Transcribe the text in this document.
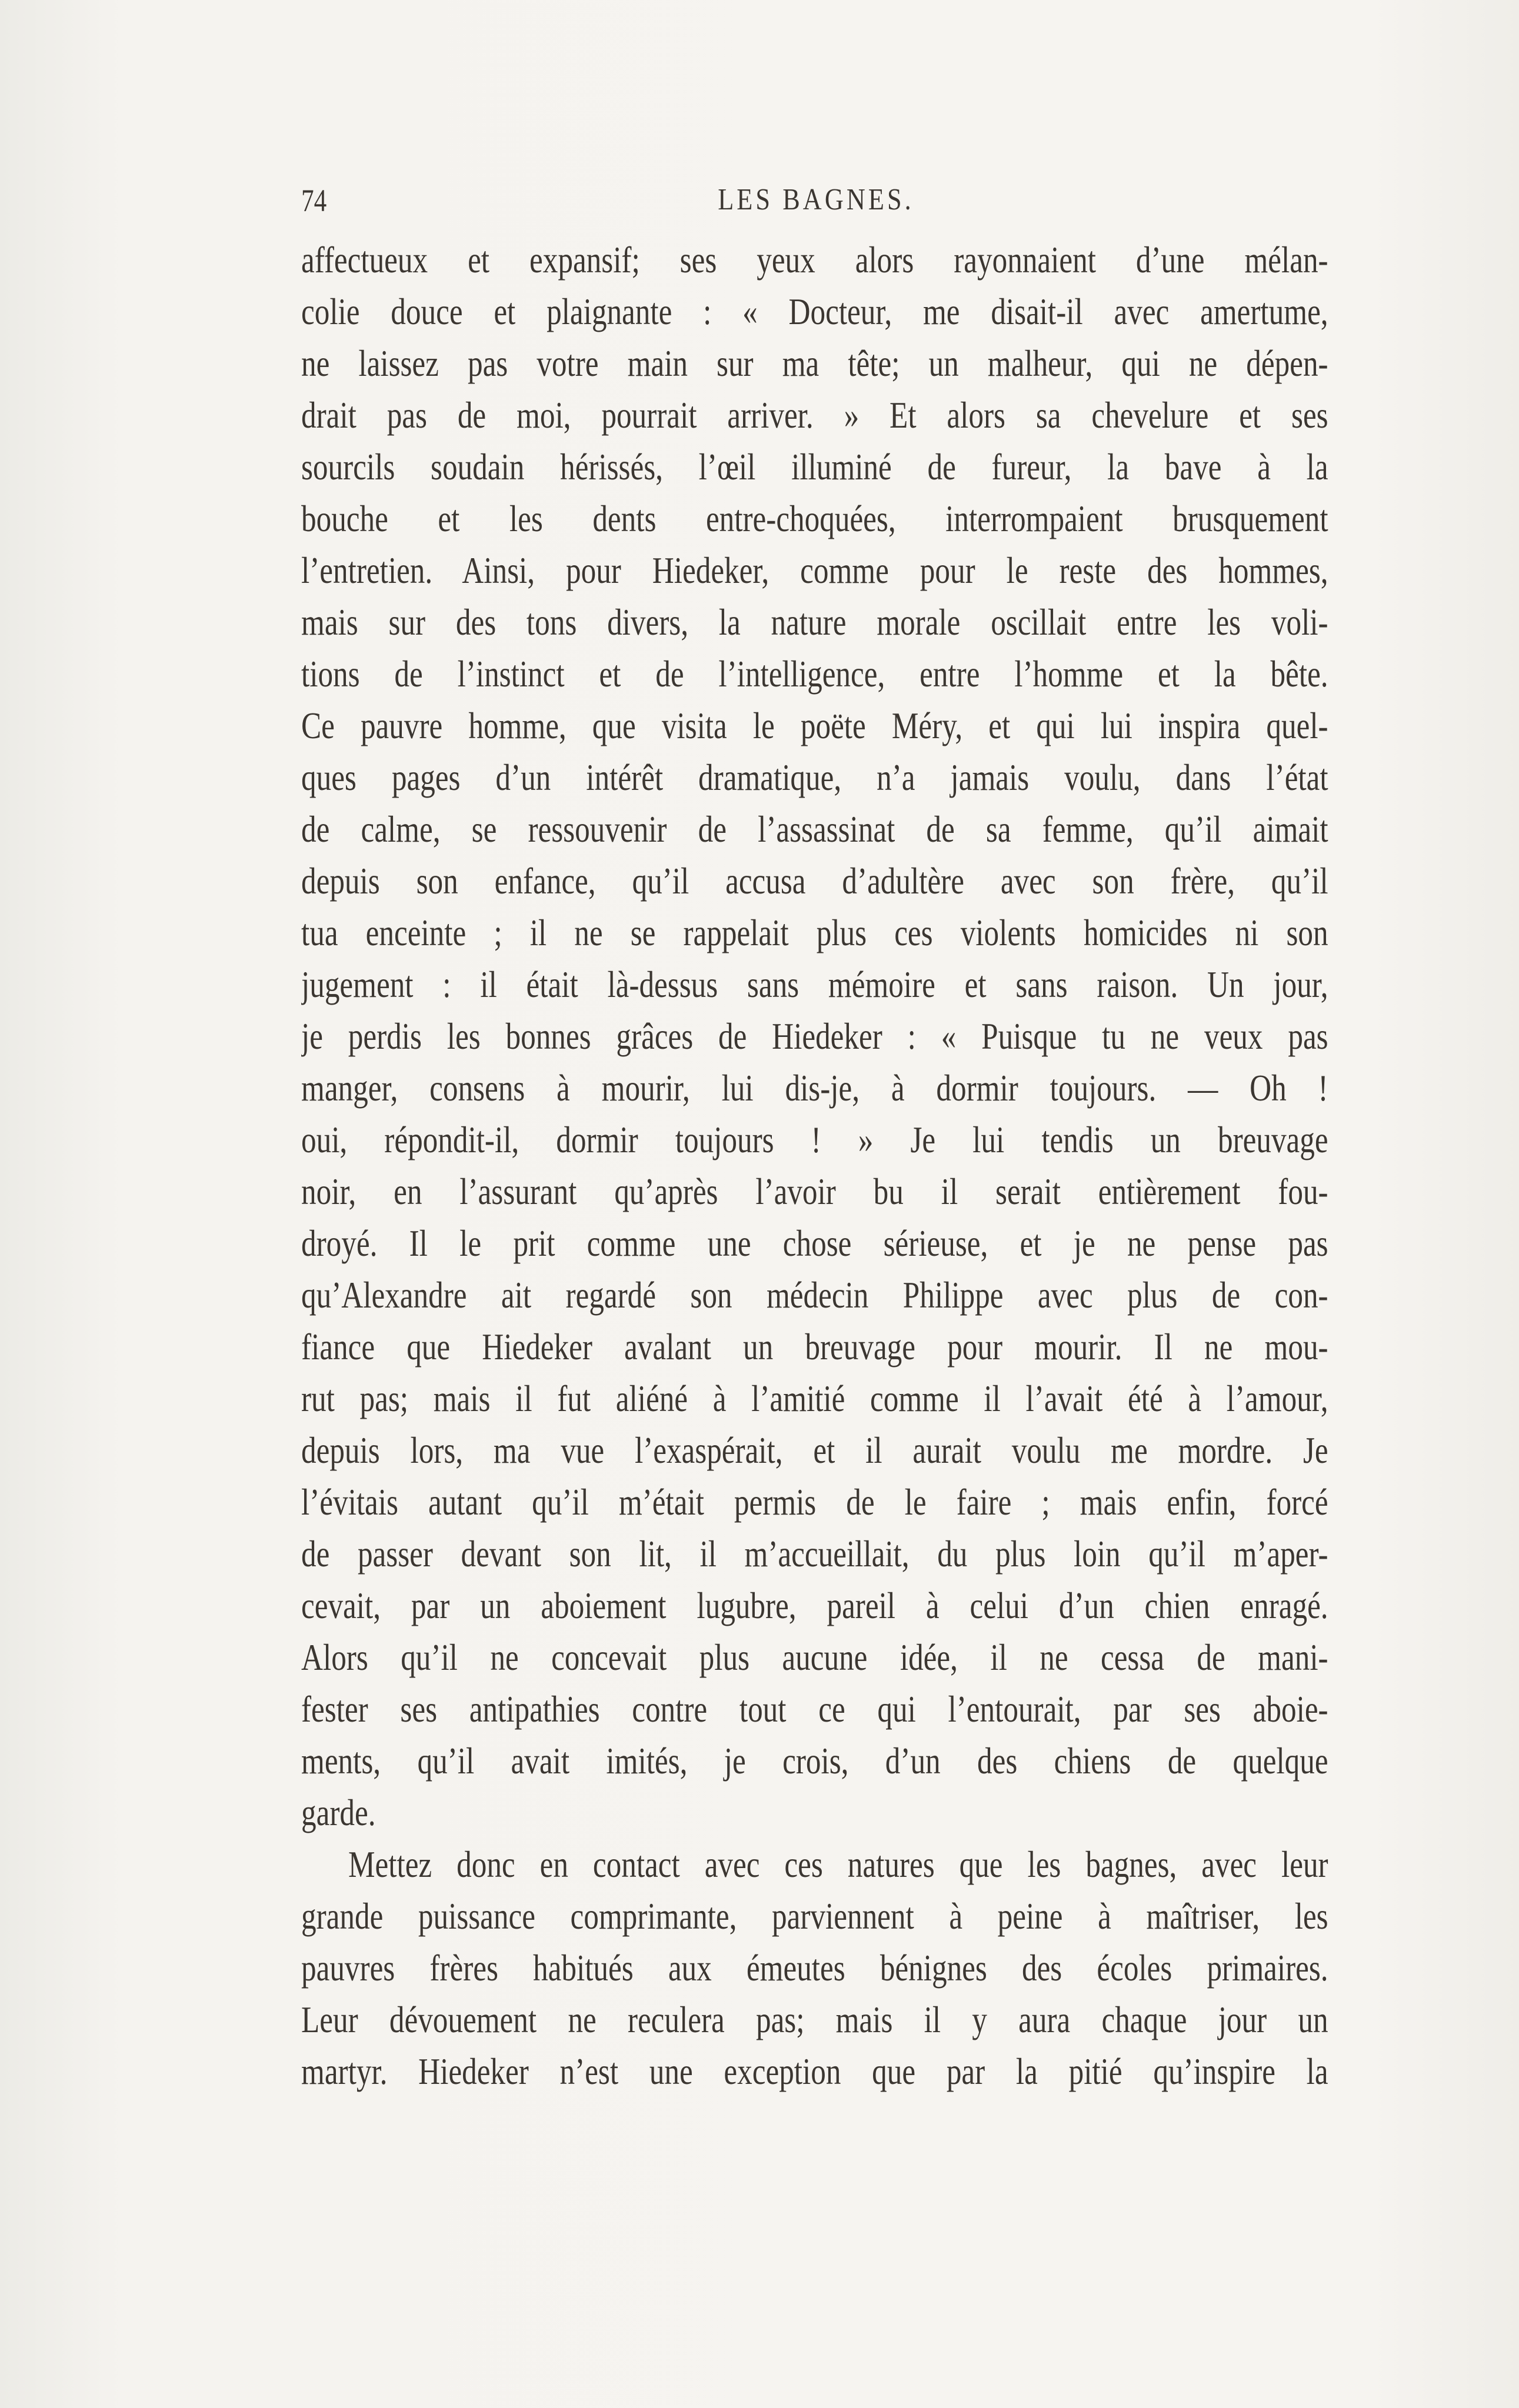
74	LES BAGNES.
affectueux et expansif; ses yeux alors rayonnaient d’une mélan-
colie douce et plaignante : « Docteur, me disait-il avec amertume,
ne laissez pas votre main sur ma tête; un malheur, qui ne dépen-
drait pas de moi, pourrait arriver. » Et alors sa chevelure et ses
sourcils soudain hérissés, l’œil illuminé de fureur, la bave à la
bouche et les dents entre-choquées, interrompaient brusquement
l’entretien. Ainsi, pour Hiedeker, comme pour le reste des hommes,
mais sur des tons divers, la nature morale oscillait entre les voli-
tions de l’instinct et de l’intelligence, entre l’homme et la bête.
Ce pauvre homme, que visita le poëte Méry, et qui lui inspira quel-
ques pages d’un intérêt dramatique, n’a jamais voulu, dans l’état
de calme, se ressouvenir de l’assassinat de sa femme, qu’il aimait
depuis son enfance, qu’il accusa d’adultère avec son frère, qu’il
tua enceinte ; il ne se rappelait plus ces violents homicides ni son
jugement : il était là-dessus sans mémoire et sans raison. Un jour,
je perdis les bonnes grâces de Hiedeker : « Puisque tu ne veux pas
manger, consens à mourir, lui dis-je, à dormir toujours. — Oh !
oui, répondit-il, dormir toujours ! » Je lui tendis un breuvage
noir, en l’assurant qu’après l’avoir bu il serait entièrement fou-
droyé. Il le prit comme une chose sérieuse, et je ne pense pas
qu’Alexandre ait regardé son médecin Philippe avec plus de con-
fiance que Hiedeker avalant un breuvage pour mourir. Il ne mou-
rut pas; mais il fut aliéné à l’amitié comme il l’avait été à l’amour,
depuis lors, ma vue l’exaspérait, et il aurait voulu me mordre. Je
l’évitais autant qu’il m’était permis de le faire ; mais enfin, forcé
de passer devant son lit, il m’accueillait, du plus loin qu’il m’aper-
cevait, par un aboiement lugubre, pareil à celui d’un chien enragé.
Alors qu’il ne concevait plus aucune idée, il ne cessa de mani-
fester ses antipathies contre tout ce qui l’entourait, par ses aboie-
ments, qu’il avait imités, je crois, d’un des chiens de quelque
garde.
Mettez donc en contact avec ces natures que les bagnes, avec leur
grande puissance comprimante, parviennent à peine à maîtriser, les
pauvres frères habitués aux émeutes bénignes des écoles primaires.
Leur dévouement ne reculera pas; mais il y aura chaque jour un
martyr. Hiedeker n’est une exception que par la pitié qu’inspire la
